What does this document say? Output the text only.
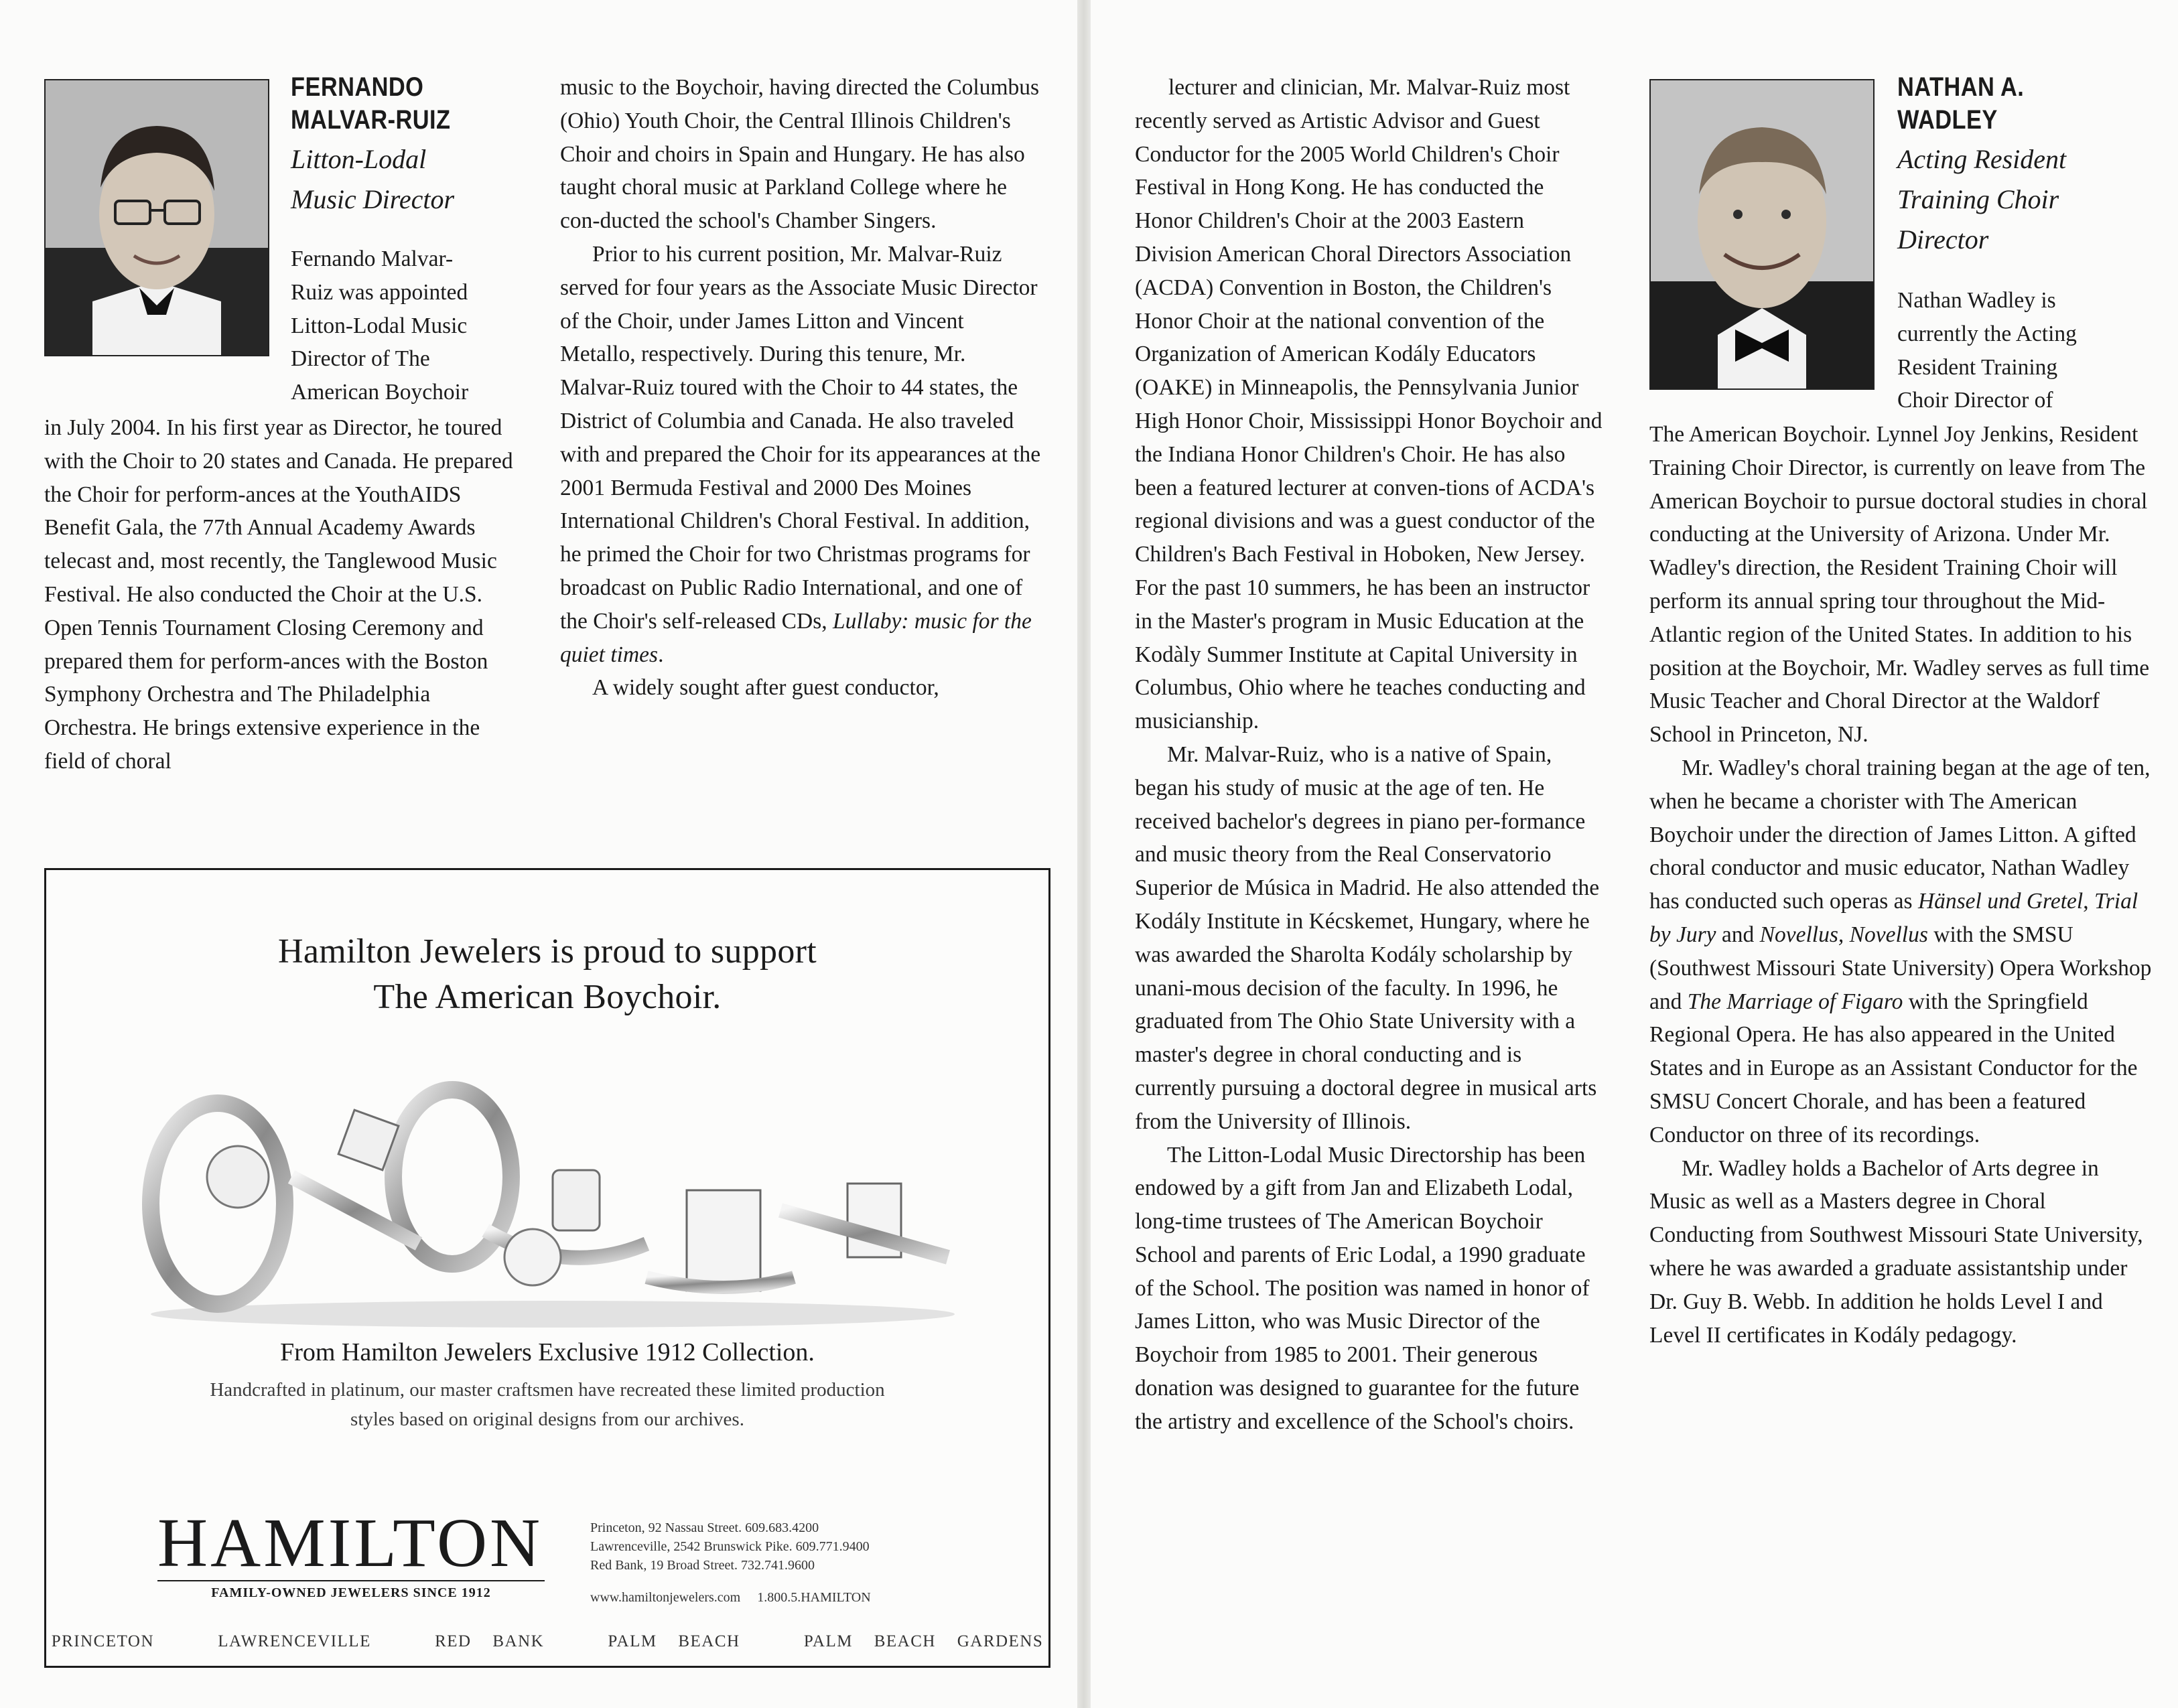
FERNANDO
MALVAR-RUIZ
Litton-Lodal
Music Director
Fernando Malvar-
Ruiz was appointed
Litton-Lodal Music
Director of The
American Boychoir

in July 2004. In his first year as Director, he toured with the Choir to 20 states and Canada. He prepared the Choir for perform-ances at the YouthAIDS Benefit Gala, the 77th Annual Academy Awards telecast and, most recently, the Tanglewood Music Festival. He also conducted the Choir at the U.S. Open Tennis Tournament Closing Ceremony and prepared them for perform-ances with the Boston Symphony Orchestra and The Philadelphia Orchestra. He brings extensive experience in the field of choral

music to the Boychoir, having directed the Columbus (Ohio) Youth Choir, the Central Illinois Children's Choir and choirs in Spain and Hungary. He has also taught choral music at Parkland College where he con-ducted the school's Chamber Singers.

Prior to his current position, Mr. Malvar-Ruiz served for four years as the Associate Music Director of the Choir, under James Litton and Vincent Metallo, respectively. During this tenure, Mr. Malvar-Ruiz toured with the Choir to 44 states, the District of Columbia and Canada. He also traveled with and prepared the Choir for its appearances at the 2001 Bermuda Festival and 2000 Des Moines International Children's Choral Festival. In addition, he primed the Choir for two Christmas programs for broadcast on Public Radio International, and one of the Choir's self-released CDs, Lullaby: music for the quiet times.

A widely sought after guest conductor,

Hamilton Jewelers is proud to support
The American Boychoir.
From Hamilton Jewelers Exclusive 1912 Collection.
Handcrafted in platinum, our master craftsmen have recreated these limited production
styles based on original designs from our archives.
HAMILTON
FAMILY-OWNED JEWELERS SINCE 1912
Princeton, 92 Nassau Street. 609.683.4200
Lawrenceville, 2542 Brunswick Pike. 609.771.9400
Red Bank, 19 Broad Street. 732.741.9600
www.hamiltonjewelers.com     1.800.5.HAMILTON
PRINCETON   LAWRENCEVILLE   RED BANK   PALM BEACH   PALM BEACH GARDENS

lecturer and clinician, Mr. Malvar-Ruiz most recently served as Artistic Advisor and Guest Conductor for the 2005 World Children's Choir Festival in Hong Kong. He has conducted the Honor Children's Choir at the 2003 Eastern Division American Choral Directors Association (ACDA) Convention in Boston, the Children's Honor Choir at the national convention of the Organization of American Kodály Educators (OAKE) in Minneapolis, the Pennsylvania Junior High Honor Choir, Mississippi Honor Boychoir and the Indiana Honor Children's Choir. He has also been a featured lecturer at conven-tions of ACDA's regional divisions and was a guest conductor of the Children's Bach Festival in Hoboken, New Jersey. For the past 10 summers, he has been an instructor in the Master's program in Music Education at the Kodàly Summer Institute at Capital University in Columbus, Ohio where he teaches conducting and musicianship.

Mr. Malvar-Ruiz, who is a native of Spain, began his study of music at the age of ten. He received bachelor's degrees in piano per-formance and music theory from the Real Conservatorio Superior de Música in Madrid. He also attended the Kodály Institute in Kécskemet, Hungary, where he was awarded the Sharolta Kodály scholarship by unani-mous decision of the faculty. In 1996, he graduated from The Ohio State University with a master's degree in choral conducting and is currently pursuing a doctoral degree in musical arts from the University of Illinois.

The Litton-Lodal Music Directorship has been endowed by a gift from Jan and Elizabeth Lodal, long-time trustees of The American Boychoir School and parents of Eric Lodal, a 1990 graduate of the School. The position was named in honor of James Litton, who was Music Director of the Boychoir from 1985 to 2001. Their generous donation was designed to guarantee for the future the artistry and excellence of the School's choirs.

NATHAN A.
WADLEY
Acting Resident
Training Choir
Director
Nathan Wadley is
currently the Acting
Resident Training
Choir Director of

The American Boychoir. Lynnel Joy Jenkins, Resident Training Choir Director, is currently on leave from The American Boychoir to pursue doctoral studies in choral conducting at the University of Arizona. Under Mr. Wadley's direction, the Resident Training Choir will perform its annual spring tour throughout the Mid-Atlantic region of the United States. In addition to his position at the Boychoir, Mr. Wadley serves as full time Music Teacher and Choral Director at the Waldorf School in Princeton, NJ.

Mr. Wadley's choral training began at the age of ten, when he became a chorister with The American Boychoir under the direction of James Litton. A gifted choral conductor and music educator, Nathan Wadley has conducted such operas as Hänsel und Gretel, Trial by Jury and Novellus, Novellus with the SMSU (Southwest Missouri State University) Opera Workshop and The Marriage of Figaro with the Springfield Regional Opera. He has also appeared in the United States and in Europe as an Assistant Conductor for the SMSU Concert Chorale, and has been a featured Conductor on three of its recordings.

Mr. Wadley holds a Bachelor of Arts degree in Music as well as a Masters degree in Choral Conducting from Southwest Missouri State University, where he was awarded a graduate assistantship under Dr. Guy B. Webb. In addition he holds Level I and Level II certificates in Kodály pedagogy.
